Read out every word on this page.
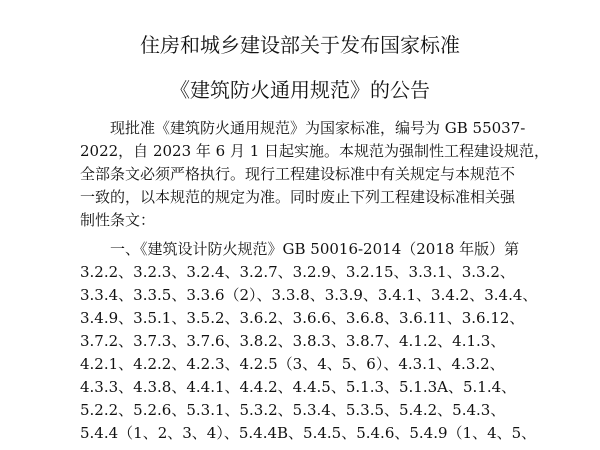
住房和城乡建设部关于发布国家标准
《建筑防火通用规范》的公告
现批准《建筑防火通用规范》为国家标准，编号为 GB 55037-
2022，自 2023 年 6 月 1 日起实施。本规范为强制性工程建设规范，
全部条文必须严格执行。现行工程建设标准中有关规定与本规范不
一致的，以本规范的规定为准。同时废止下列工程建设标准相关强
制性条文：
一、《建筑设计防火规范》GB 50016-2014（2018 年版）第
3.2.2、3.2.3、3.2.4、3.2.7、3.2.9、3.2.15、3.3.1、3.3.2、
3.3.4、3.3.5、3.3.6（2）、3.3.8、3.3.9、3.4.1、3.4.2、3.4.4、
3.4.9、3.5.1、3.5.2、3.6.2、3.6.6、3.6.8、3.6.11、3.6.12、
3.7.2、3.7.3、3.7.6、3.8.2、3.8.3、3.8.7、4.1.2、4.1.3、
4.2.1、4.2.2、4.2.3、4.2.5（3、4、5、6）、4.3.1、4.3.2、
4.3.3、4.3.8、4.4.1、4.4.2、4.4.5、5.1.3、5.1.3A、5.1.4、
5.2.2、5.2.6、5.3.1、5.3.2、5.3.4、5.3.5、5.4.2、5.4.3、
5.4.4（1、2、3、4）、5.4.4B、5.4.5、5.4.6、5.4.9（1、4、5、
